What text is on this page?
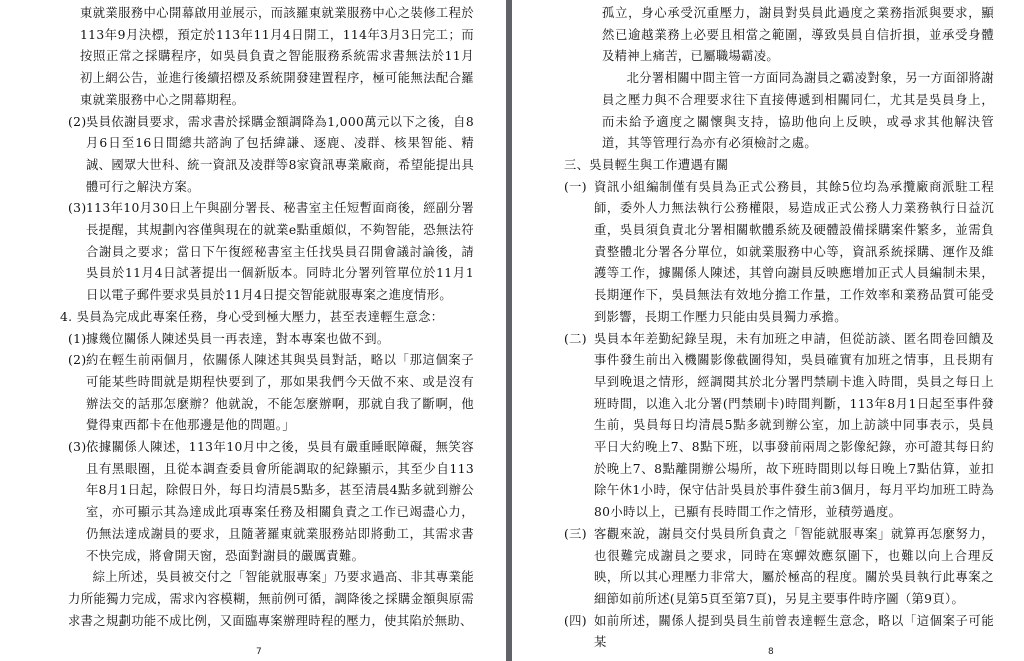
東就業服務中心開幕啟用並展示，而該羅東就業服務中心之裝修工程於113年9月決標，預定於113年11月4日開工，114年3月3日完工；而按照正常之採購程序，如吳員負責之智能服務系統需求書無法於11月初上網公告，並進行後續招標及系統開發建置程序，極可能無法配合羅東就業服務中心之開幕期程。

(2) 吳員依謝員要求，需求書於採購金額調降為1,000萬元以下之後，自8月6日至16日間總共諮詢了包括緯謙、逐鹿、凌群、核果智能、精誠、國眾大世科、統一資訊及凌群等8家資訊專業廠商，希望能提出具體可行之解決方案。

(3) 113年10月30日上午與副分署長、秘書室主任短暫面商後，經副分署長提醒，其規劃內容僅與現在的就業e點重頗似，不夠智能，恐無法符合謝員之要求；當日下午復經秘書室主任找吳員召開會議討論後，請吳員於11月4日試著提出一個新版本。同時北分署列管單位於11月1日以電子郵件要求吳員於11月4日提交智能就服專案之進度情形。

4. 吳員為完成此專案任務，身心受到極大壓力，甚至表達輕生意念：

(1) 據幾位關係人陳述吳員一再表達，對本專案也做不到。

(2) 約在輕生前兩個月，依關係人陳述其與吳員對話，略以「那這個案子可能某些時間就是期程快要到了，那如果我們今天做不來、或是沒有辦法交的話那怎麼辦？他就說，不能怎麼辦啊，那就自我了斷啊，他覺得東西都卡在他那邊是他的問題。」

(3) 依據關係人陳述，113年10月中之後，吳員有嚴重睡眠障礙，無笑容且有黑眼圈，且從本調查委員會所能調取的紀錄顯示，其至少自113年8月1日起，除假日外，每日均清晨5點多，甚至清晨4點多就到辦公室，亦可顯示其為達成此項專案任務及相關負責之工作已竭盡心力，仍無法達成謝員的要求，且隨著羅東就業服務站即將動工，其需求書不快完成，將會開天窗，恐面對謝員的嚴厲責難。

綜上所述，吳員被交付之「智能就服專案」乃要求過高、非其專業能力所能獨力完成，需求內容模糊，無前例可循，調降後之採購金額與原需求書之規劃功能不成比例，又面臨專案辦理時程的壓力，使其陷於無助、

7

孤立，身心承受沉重壓力，謝員對吳員此過度之業務指派與要求，顯然已逾越業務上必要且相當之範圍，導致吳員自信折損，並承受身體及精神上痛苦，已屬職場霸凌。

北分署相關中間主管一方面同為謝員之霸凌對象，另一方面卻將謝員之壓力與不合理要求往下直接傳遞到相關同仁，尤其是吳員身上，而未給予適度之關懷與支持，協助他向上反映，或尋求其他解決管道，其等管理行為亦有必須檢討之處。

三、吳員輕生與工作遭遇有關

(一) 資訊小組編制僅有吳員為正式公務員，其餘5位均為承攬廠商派駐工程師，委外人力無法執行公務權限，易造成正式公務人力業務執行日益沉重，吳員須負責北分署相關軟體系統及硬體設備採購案件繁多，並需負責整體北分署各分單位，如就業服務中心等，資訊系統採購、運作及維護等工作，據關係人陳述，其曾向謝員反映應增加正式人員編制未果，長期運作下，吳員無法有效地分擔工作量，工作效率和業務品質可能受到影響，長期工作壓力只能由吳員獨力承擔。

(二) 吳員本年差勤紀錄呈現，未有加班之申請，但從訪談、匿名問卷回饋及事件發生前出入機關影像截圖得知，吳員確實有加班之情事，且長期有早到晚退之情形，經調閱其於北分署門禁刷卡進入時間，吳員之每日上班時間，以進入北分署(門禁刷卡)時間判斷，113年8月1日起至事件發生前，吳員每日均清晨5點多就到辦公室，加上訪談中同事表示，吳員平日大約晚上7、8點下班，以事發前兩周之影像紀錄，亦可證其每日約於晚上7、8點離開辦公場所，故下班時間則以每日晚上7點估算，並扣除午休1小時，保守估計吳員於事件發生前3個月，每月平均加班工時為80小時以上，已顯有長時間工作之情形，並積勞過度。

(三) 客觀來說，謝員交付吳員所負責之「智能就服專案」就算再怎麼努力，也很難完成謝員之要求，同時在寒蟬效應氛圍下，也難以向上合理反映，所以其心理壓力非常大，屬於極高的程度。關於吳員執行此專案之細節如前所述(見第5頁至第7頁)，另見主要事件時序圖（第9頁）。

(四) 如前所述，關係人提到吳員生前曾表達輕生意念，略以「這個案子可能某

8
